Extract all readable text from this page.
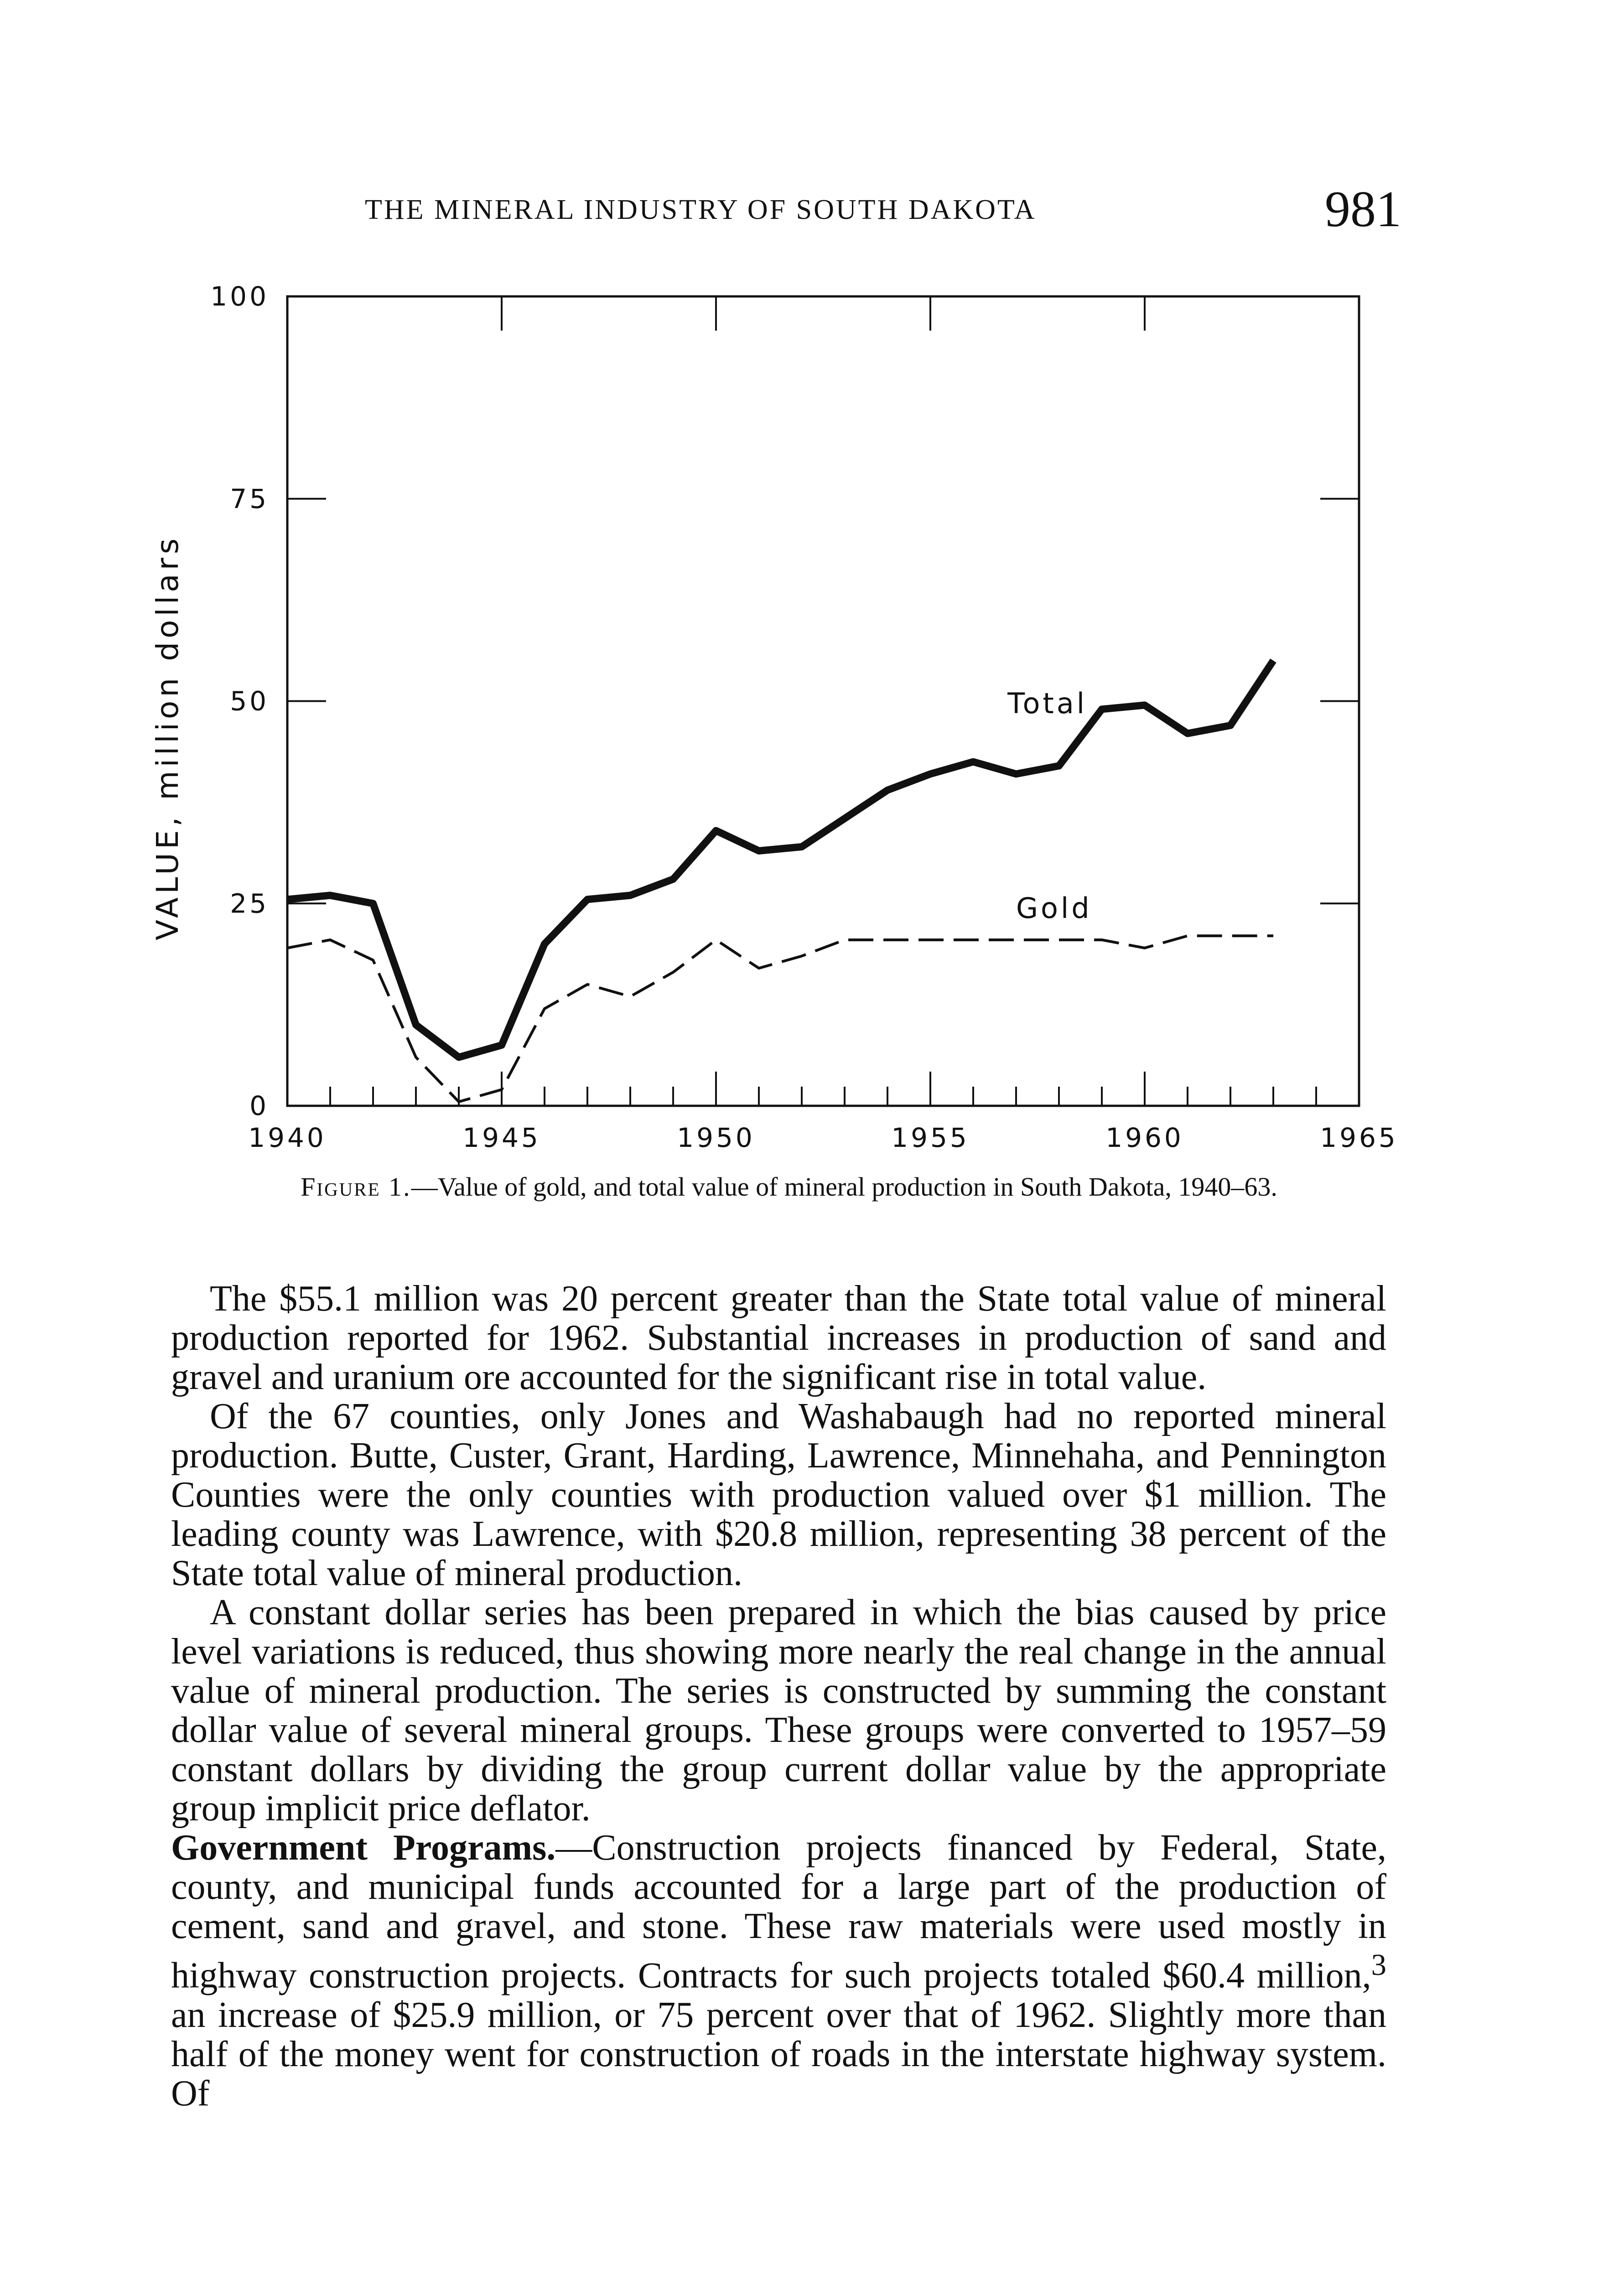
THE MINERAL INDUSTRY OF SOUTH DAKOTA	981
1940	1945	1950	1955	1960	1965
0
25
50
75
100
VALUE, million dollars	Total
Gold
Figure 1.—Value of gold, and total value of mineral production in South Dakota, 1940–63.

The $55.1 million was 20 percent greater than the State total value of mineral production reported for 1962. Substantial increases in production of sand and gravel and uranium ore accounted for the significant rise in total value.

Of the 67 counties, only Jones and Washabaugh had no reported mineral production. Butte, Custer, Grant, Harding, Lawrence, Minnehaha, and Pennington Counties were the only counties with production valued over $1 million. The leading county was Lawrence, with $20.8 million, representing 38 percent of the State total value of mineral production.

A constant dollar series has been prepared in which the bias caused by price level variations is reduced, thus showing more nearly the real change in the annual value of mineral production. The series is constructed by summing the constant dollar value of several mineral groups. These groups were converted to 1957–59 constant dollars by dividing the group current dollar value by the appropriate group implicit price deflator.

Government Programs.—Construction projects financed by Federal, State, county, and municipal funds accounted for a large part of the production of cement, sand and gravel, and stone. These raw materials were used mostly in highway construction projects. Contracts for such projects totaled $60.4 million,$^3$ an increase of $25.9 million, or 75 percent over that of 1962. Slightly more than half of the money went for construction of roads in the interstate highway system. Of
